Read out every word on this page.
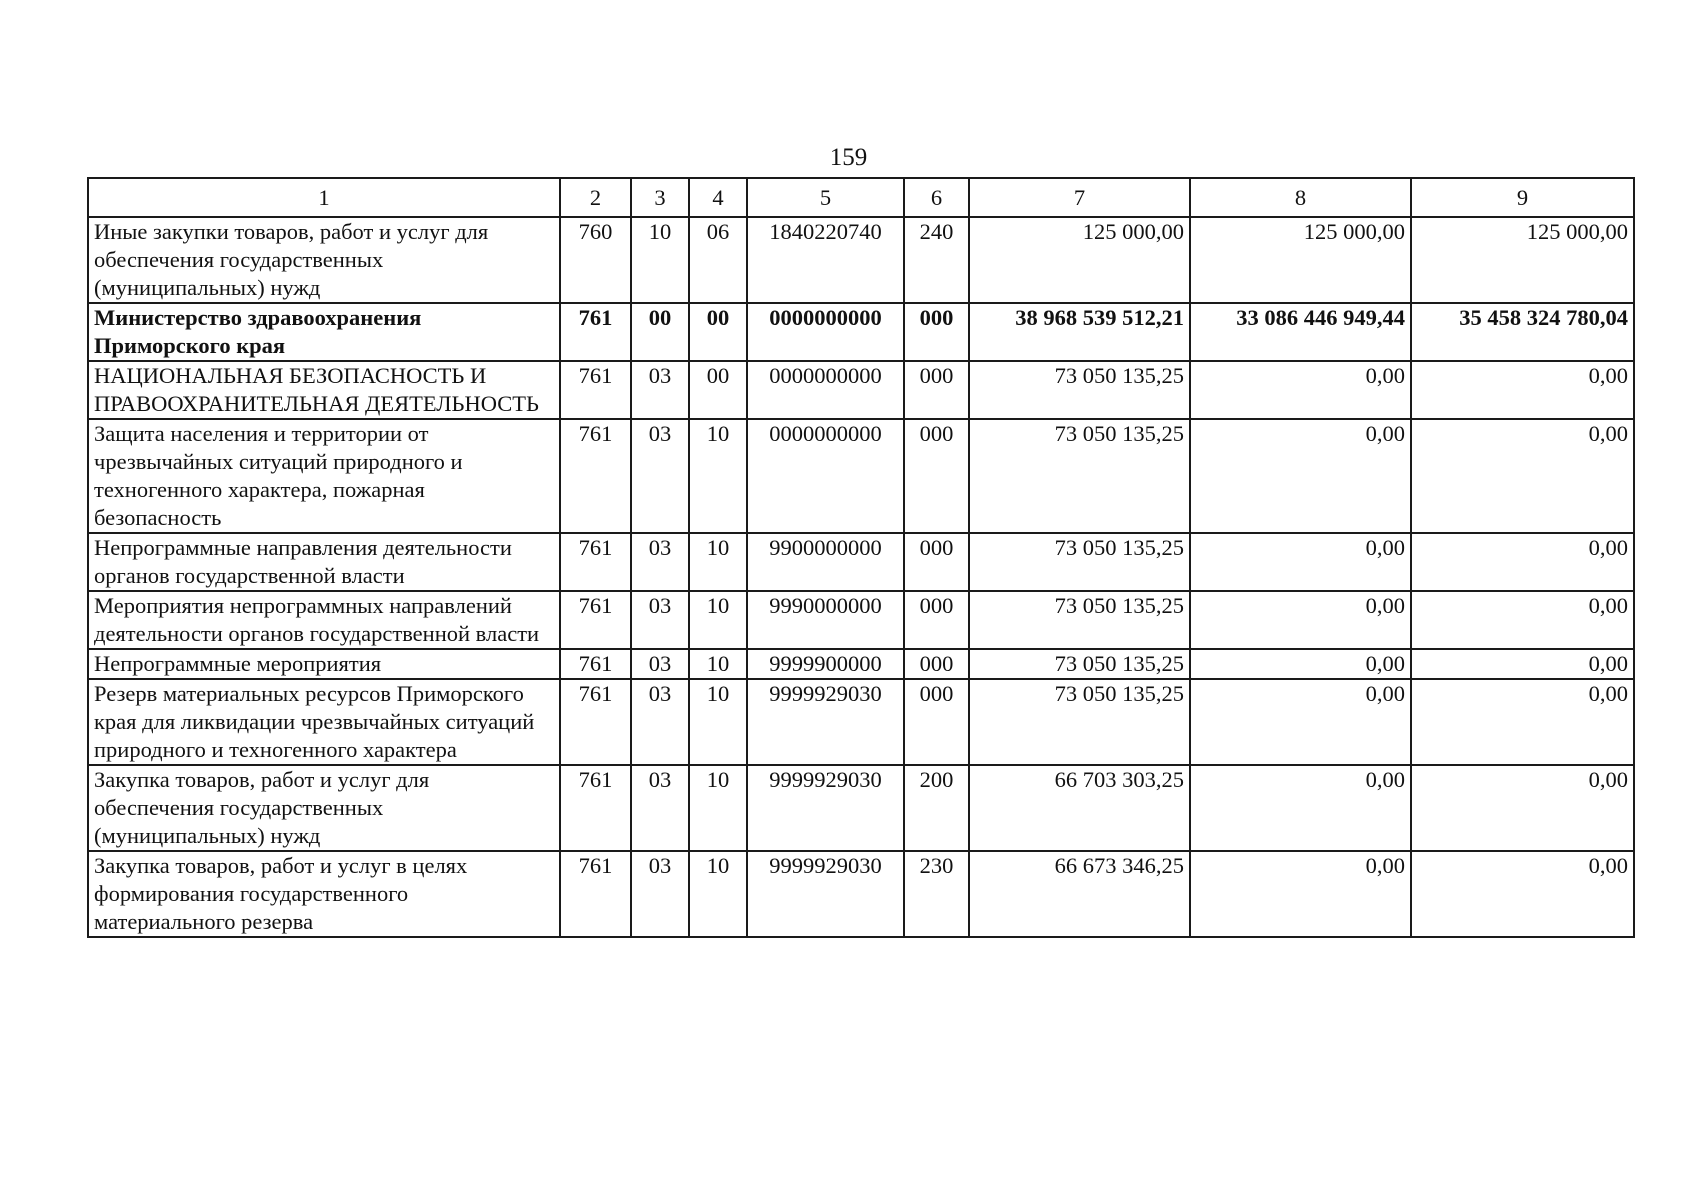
159
1	2	3	4	5	6	7	8	9
Иные закупки товаров, работ и услуг для обеспечения государственных (муниципальных) нужд	760	10	06	1840220740	240	125 000,00	125 000,00	125 000,00
Министерство здравоохранения Приморского края	761	00	00	0000000000	000	38 968 539 512,21	33 086 446 949,44	35 458 324 780,04
НАЦИОНАЛЬНАЯ БЕЗОПАСНОСТЬ И ПРАВООХРАНИТЕЛЬНАЯ ДЕЯТЕЛЬНОСТЬ	761	03	00	0000000000	000	73 050 135,25	0,00	0,00
Защита населения и территории от чрезвычайных ситуаций природного и техногенного характера, пожарная безопасность	761	03	10	0000000000	000	73 050 135,25	0,00	0,00
Непрограммные направления деятельности органов государственной власти	761	03	10	9900000000	000	73 050 135,25	0,00	0,00
Мероприятия непрограммных направлений деятельности органов государственной власти	761	03	10	9990000000	000	73 050 135,25	0,00	0,00
Непрограммные мероприятия	761	03	10	9999900000	000	73 050 135,25	0,00	0,00
Резерв материальных ресурсов Приморского края для ликвидации чрезвычайных ситуаций природного и техногенного характера	761	03	10	9999929030	000	73 050 135,25	0,00	0,00
Закупка товаров, работ и услуг для обеспечения государственных (муниципальных) нужд	761	03	10	9999929030	200	66 703 303,25	0,00	0,00
Закупка товаров, работ и услуг в целях формирования государственного материального резерва	761	03	10	9999929030	230	66 673 346,25	0,00	0,00
